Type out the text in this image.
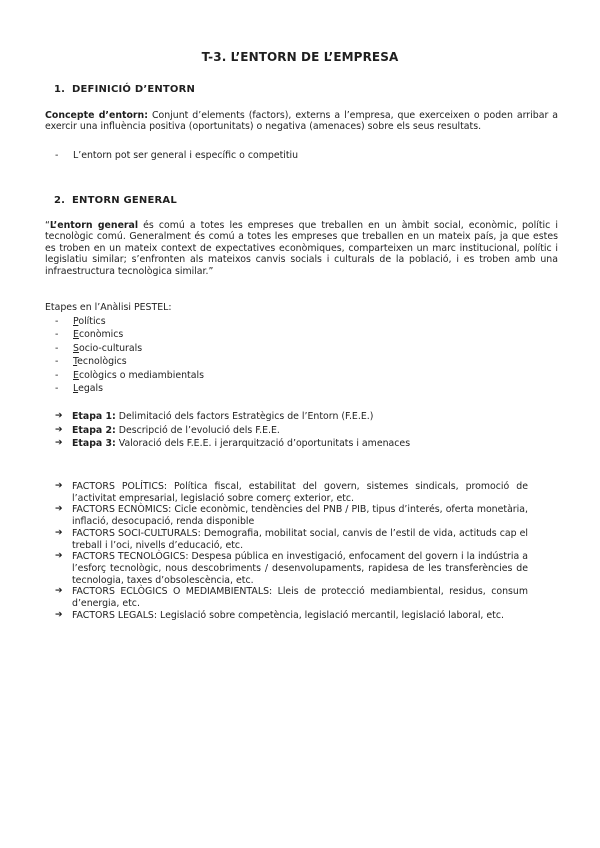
T-3. L’ENTORN DE L’EMPRESA
1. DEFINICIÓ D’ENTORN

Concepte d’entorn: Conjunt d’elements (factors), externs a l’empresa, que exerceixen o poden arribar a exercir una influència positiva (oportunitats) o negativa (amenaces) sobre els seus resultats.

- L’entorn pot ser general i específic o competitiu
2. ENTORN GENERAL

“L’entorn general és comú a totes les empreses que treballen en un àmbit social, econòmic, polític i tecnològic comú. Generalment és comú a totes les empreses que treballen en un mateix país, ja que estes es troben en un mateix context de expectatives econòmiques, comparteixen un marc institucional, polític i legislatiu similar; s’enfronten als mateixos canvis socials i culturals de la població, i es troben amb una infraestructura tecnològica similar.”

Etapes en l’Anàlisi PESTEL:
- Polítics
- Econòmics
- Socio-culturals
- Tecnològics
- Ecològics o mediambientals
- Legals
➔ Etapa 1: Delimitació dels factors Estratègics de l’Entorn (F.E.E.)
➔ Etapa 2: Descripció de l’evolució dels F.E.E.
➔ Etapa 3: Valoració dels F.E.E. i jerarquització d’oportunitats i amenaces
➔ FACTORS POLÍTICS: Política fiscal, estabilitat del govern, sistemes sindicals, promoció de l’activitat empresarial, legislació sobre comerç exterior, etc.
➔ FACTORS ECNÒMICS: Cicle econòmic, tendències del PNB / PIB, tipus d’interés, oferta monetària, inflació, desocupació, renda disponible
➔ FACTORS SOCI-CULTURALS: Demografia, mobilitat social, canvis de l’estil de vida, actituds cap el treball i l’oci, nivells d’educació, etc.
➔ FACTORS TECNOLÒGICS: Despesa pública en investigació, enfocament del govern i la indústria a l’esforç tecnològic, nous descobriments / desenvolupaments, rapidesa de les transferències de tecnologia, taxes d’obsolescència, etc.
➔ FACTORS ECLÒGICS O MEDIAMBIENTALS: Lleis de protecció mediambiental, residus, consum d’energia, etc.
➔ FACTORS LEGALS: Legislació sobre competència, legislació mercantil, legislació laboral, etc.
